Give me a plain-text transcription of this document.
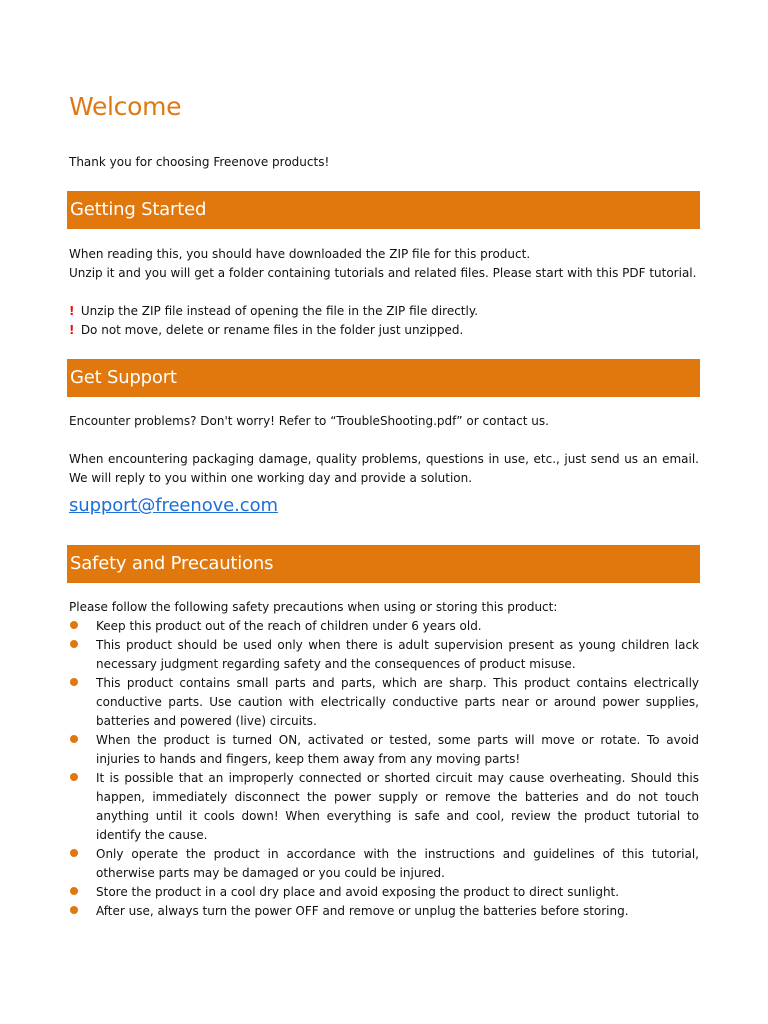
Welcome

Thank you for choosing Freenove products!

Getting Started

When reading this, you should have downloaded the ZIP file for this product.

Unzip it and you will get a folder containing tutorials and related files. Please start with this PDF tutorial.

! Unzip the ZIP file instead of opening the file in the ZIP file directly.

! Do not move, delete or rename files in the folder just unzipped.

Get Support

Encounter problems? Don't worry! Refer to “TroubleShooting.pdf” or contact us.

When encountering packaging damage, quality problems, questions in use, etc., just send us an email. We will reply to you within one working day and provide a solution.

support@freenove.com
Safety and Precautions

Please follow the following safety precautions when using or storing this product:

Keep this product out of the reach of children under 6 years old.
This product should be used only when there is adult supervision present as young children lack necessary judgment regarding safety and the consequences of product misuse.
This product contains small parts and parts, which are sharp. This product contains electrically conductive parts. Use caution with electrically conductive parts near or around power supplies, batteries and powered (live) circuits.
When the product is turned ON, activated or tested, some parts will move or rotate. To avoid injuries to hands and fingers, keep them away from any moving parts!
It is possible that an improperly connected or shorted circuit may cause overheating. Should this happen, immediately disconnect the power supply or remove the batteries and do not touch anything until it cools down! When everything is safe and cool, review the product tutorial to identify the cause.
Only operate the product in accordance with the instructions and guidelines of this tutorial, otherwise parts may be damaged or you could be injured.
Store the product in a cool dry place and avoid exposing the product to direct sunlight.
After use, always turn the power OFF and remove or unplug the batteries before storing.
